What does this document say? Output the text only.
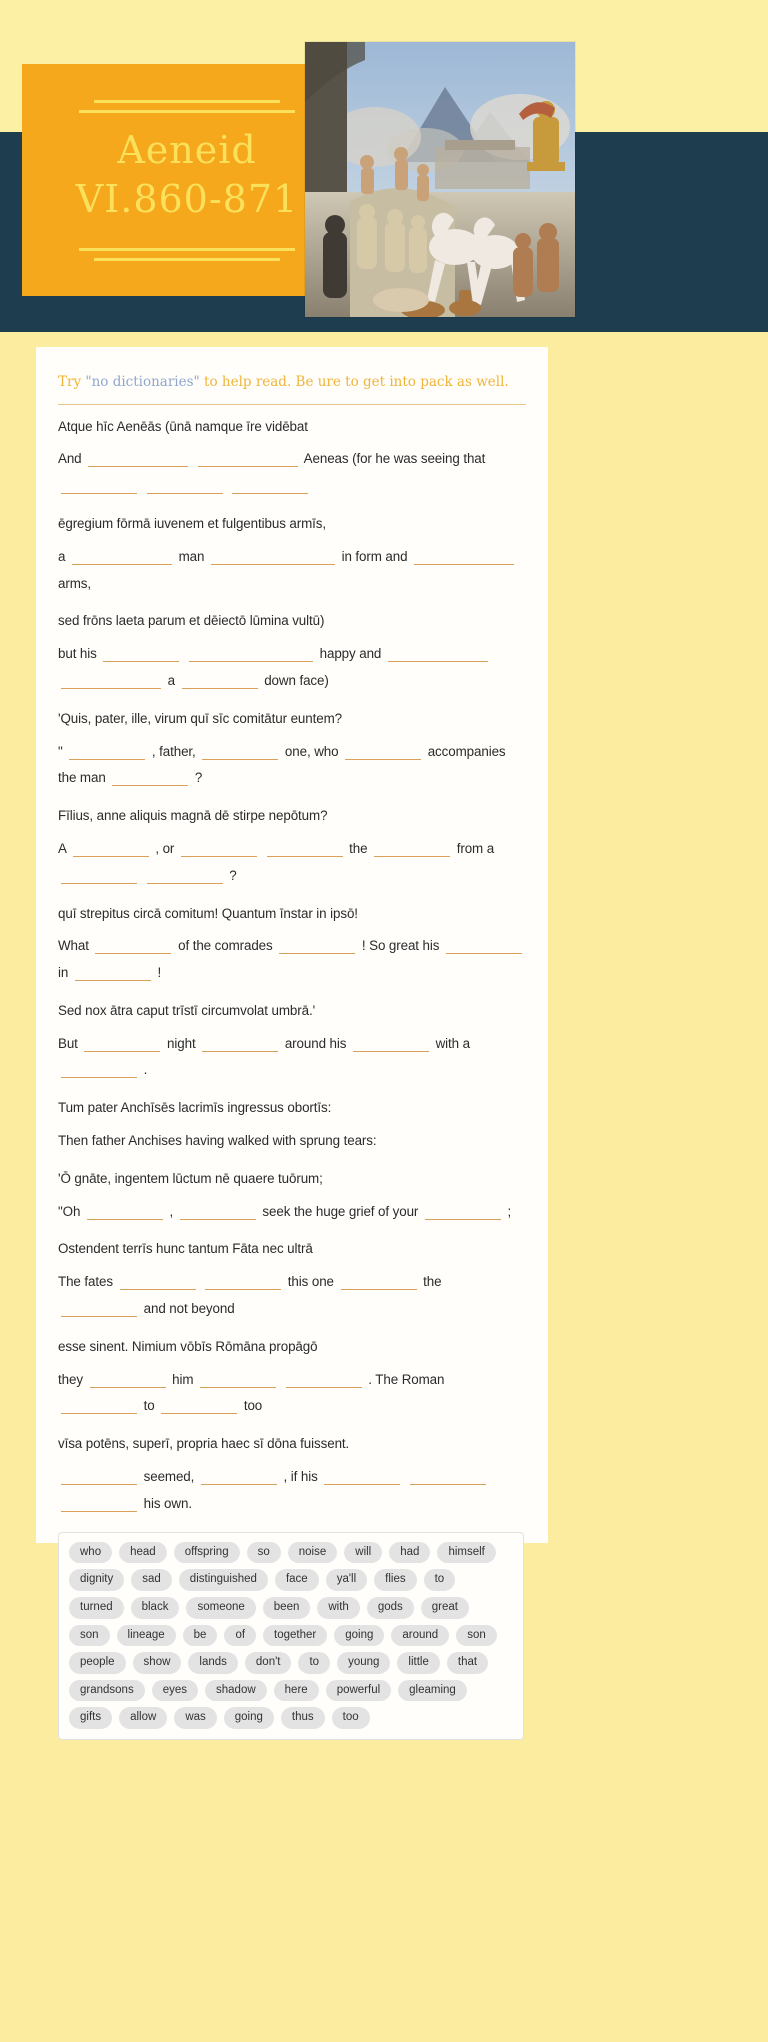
Aeneid
VI.860-871

Try "no dictionaries" to help read. Be ure to get into pack as well.

Atque hīc Aenēās (ūnā namque īre vidēbat

And	Aeneas (for he was seeing that

ēgregium fōrmā iuvenem et fulgentibus armīs,

a	man	in form and  arms,

sed frōns laeta parum et dēiectō lūmina vultū)

but his	happy and   a	down face)

'Quis, pater, ille, virum quī sīc comitātur euntem?

"	, father,	one, who	accompanies the man	?

Fīlius, anne aliquis magnā dē stirpe nepōtum?

A	, or	the	from a   ?

quī strepitus circā comitum! Quantum īnstar in ipsō!

What	of the comrades	! So great his  in	!

Sed nox ātra caput trīstī circumvolat umbrā.'

But	night	around his	with a  .

Tum pater Anchīsēs lacrimīs ingressus obortīs:

Then father Anchises having walked with sprung tears:

'Ō gnāte, ingentem lūctum nē quaere tuōrum;

"Oh	,	seek the huge grief of your	;

Ostendent terrīs hunc tantum Fāta nec ultrā

The fates	this one	the  and not beyond

esse sinent. Nimium vōbīs Rōmāna propāgō

they	him	. The Roman  to	too

vīsa potēns, superī, propria haec sī dōna fuissent.

seemed,	, if his    his own.

who	head	offspring	so	noise	will	had	himself
dignity	sad	distinguished	face	ya'll	flies	to
turned	black	someone	been	with	gods	great
son	lineage	be	of	together	going	around	son
people	show	lands	don't	to	young	little	that
grandsons	eyes	shadow	here	powerful	gleaming
gifts	allow	was	going	thus	too
